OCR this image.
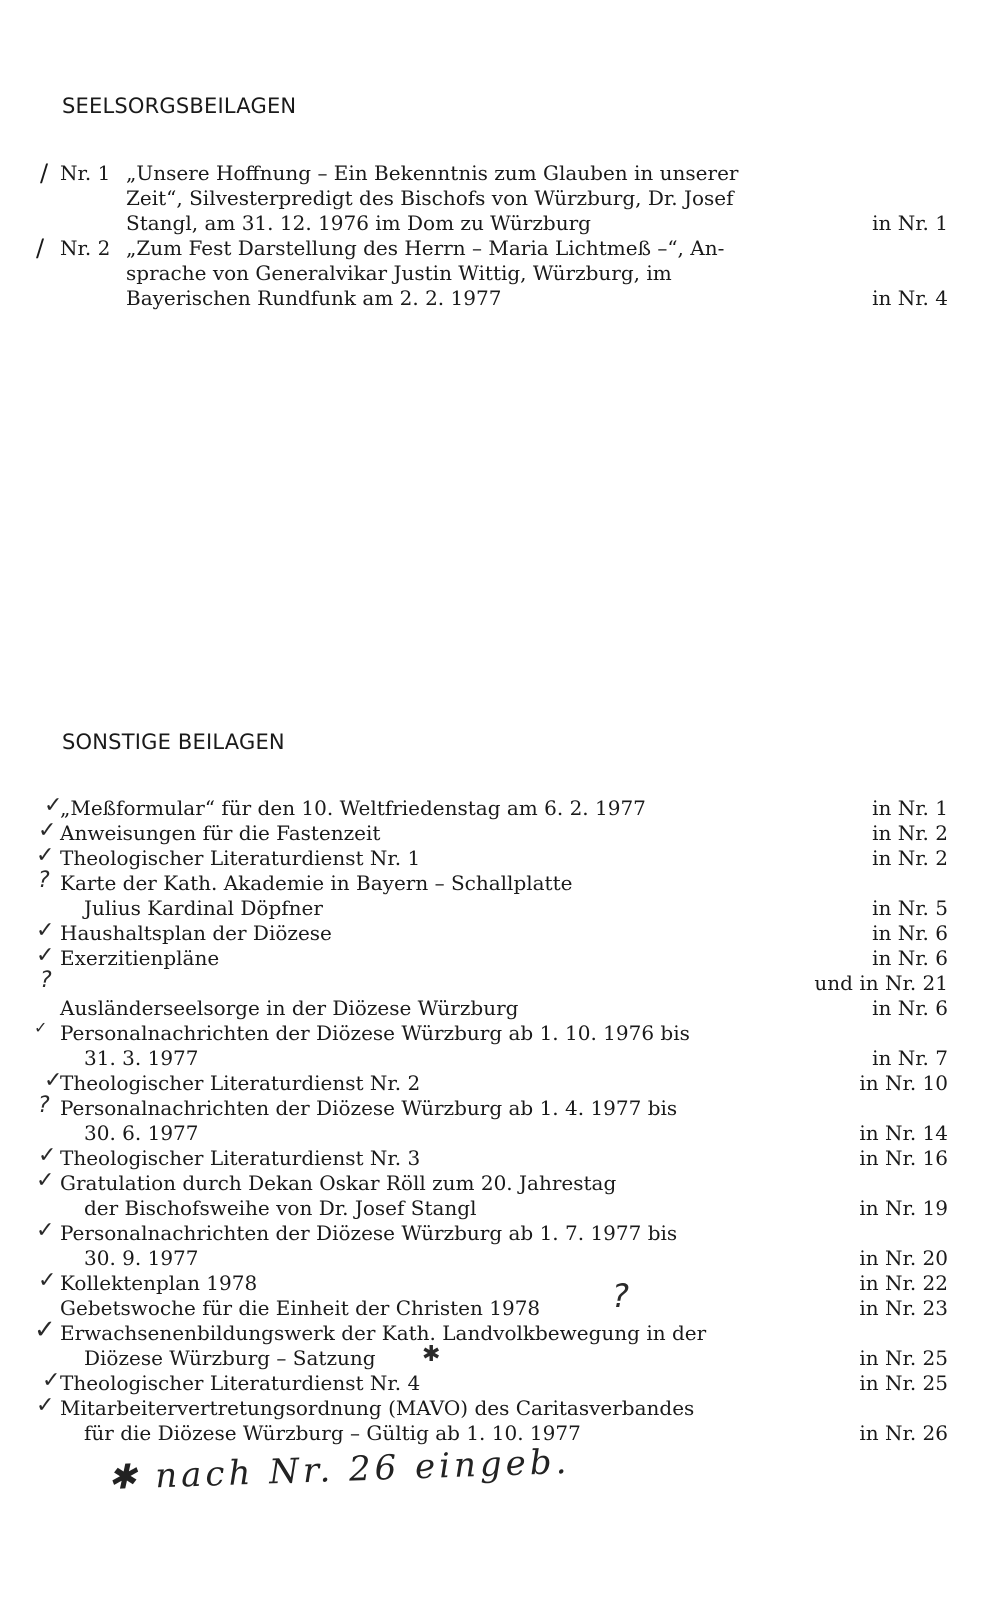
SEELSORGSBEILAGEN
/ Nr. 1 „Unsere Hoffnung – Ein Bekenntnis zum Glauben in unserer
Zeit“, Silvesterpredigt des Bischofs von Würzburg, Dr. Josef
Stangl, am 31. 12. 1976 im Dom zu Würzburg	in Nr. 1
/ Nr. 2 „Zum Fest Darstellung des Herrn – Maria Lichtmeß –“, An-
sprache von Generalvikar Justin Wittig, Würzburg, im
Bayerischen Rundfunk am 2. 2. 1977	in Nr. 4
SONSTIGE BEILAGEN
✓
„Meßformular“ für den 10. Weltfriedenstag am 6. 2. 1977	in Nr. 1
✓ Anweisungen für die Fastenzeit	in Nr. 2
✓ Theologischer Literaturdienst Nr. 1	in Nr. 2
? Karte der Kath. Akademie in Bayern – Schallplatte
Julius Kardinal Döpfner	in Nr. 5
✓ Haushaltsplan der Diözese	in Nr. 6
✓ Exerzitienpläne	in Nr. 6
?	und in Nr. 21
Ausländerseelsorge in der Diözese Würzburg	in Nr. 6
✓ Personalnachrichten der Diözese Würzburg ab 1. 10. 1976 bis
31. 3. 1977	in Nr. 7
✓
Theologischer Literaturdienst Nr. 2	in Nr. 10
? Personalnachrichten der Diözese Würzburg ab 1. 4. 1977 bis
30. 6. 1977	in Nr. 14
✓ Theologischer Literaturdienst Nr. 3	in Nr. 16
✓ Gratulation durch Dekan Oskar Röll zum 20. Jahrestag
der Bischofsweihe von Dr. Josef Stangl	in Nr. 19
✓ Personalnachrichten der Diözese Würzburg ab 1. 7. 1977 bis
30. 9. 1977	in Nr. 20
✓ Kollektenplan 1978	in Nr. 22
Gebetswoche für die Einheit der Christen 1978 ?	in Nr. 23
✓ Erwachsenenbildungswerk der Kath. Landvolkbewegung in der
Diözese Würzburg – Satzung ✱	in Nr. 25
✓ Theologischer Literaturdienst Nr. 4	in Nr. 25
✓ Mitarbeitervertretungsordnung (MAVO) des Caritasverbandes
für die Diözese Würzburg – Gültig ab 1. 10. 1977	in Nr. 26
✱ nach Nr. 26 eingeb.
